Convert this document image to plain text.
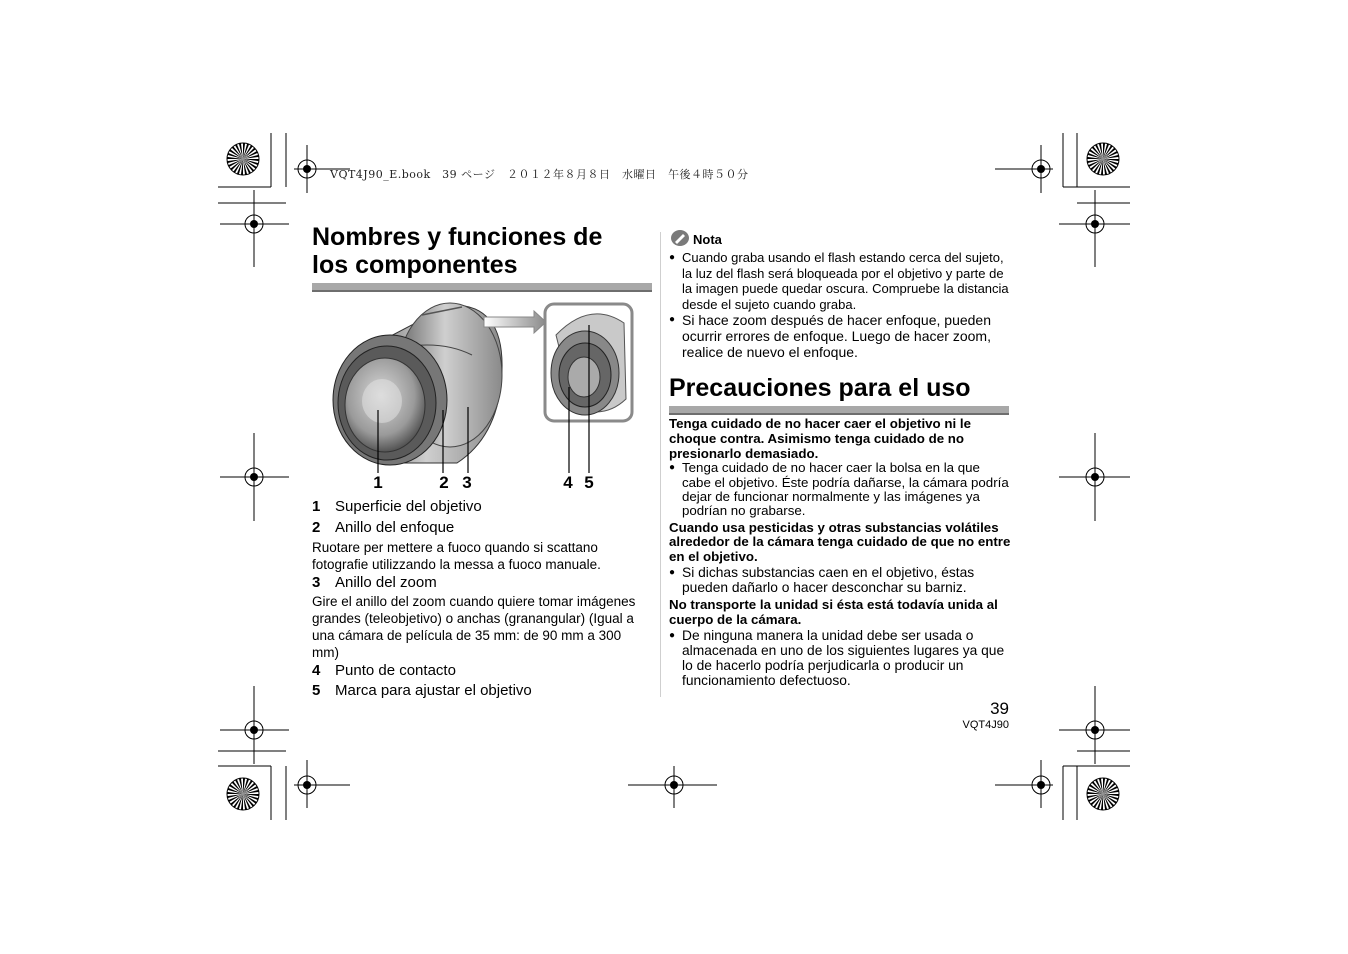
VQT4J90_E.book　39 ページ　２０１２年８月８日　水曜日　午後４時５０分
Nombres y funciones de
los componentes
1	2 3	4 5
1 Superficie del objetivo
2 Anillo del enfoque
Ruotare per mettere a fuoco quando si scattano fotografie utilizzando la messa a fuoco manuale.
3 Anillo del zoom
Gire el anillo del zoom cuando quiere tomar imágenes grandes (teleobjetivo) o anchas (granangular) (Igual a una cámara de película de 35 mm: de 90 mm a 300 mm)
4 Punto de contacto
5 Marca para ajustar el objetivo
Nota
● Cuando graba usando el flash estando cerca del sujeto, la luz del flash será bloqueada por el objetivo y parte de la imagen puede quedar oscura. Compruebe la distancia desde el sujeto cuando graba.
● Si hace zoom después de hacer enfoque, pueden ocurrir errores de enfoque. Luego de hacer zoom, realice de nuevo el enfoque.
Precauciones para el uso
Tenga cuidado de no hacer caer el objetivo ni le choque contra. Asimismo tenga cuidado de no presionarlo demasiado.
● Tenga cuidado de no hacer caer la bolsa en la que cabe el objetivo. Éste podría dañarse, la cámara podría dejar de funcionar normalmente y las imágenes ya podrían no grabarse.
Cuando usa pesticidas y otras substancias volátiles alrededor de la cámara tenga cuidado de que no entre en el objetivo.
● Si dichas substancias caen en el objetivo, éstas pueden dañarlo o hacer desconchar su barniz.
No transporte la unidad si ésta está todavía unida al cuerpo de la cámara.
● De ninguna manera la unidad debe ser usada o almacenada en uno de los siguientes lugares ya que lo de hacerlo podría perjudicarla o producir un funcionamiento defectuoso.
39
VQT4J90
